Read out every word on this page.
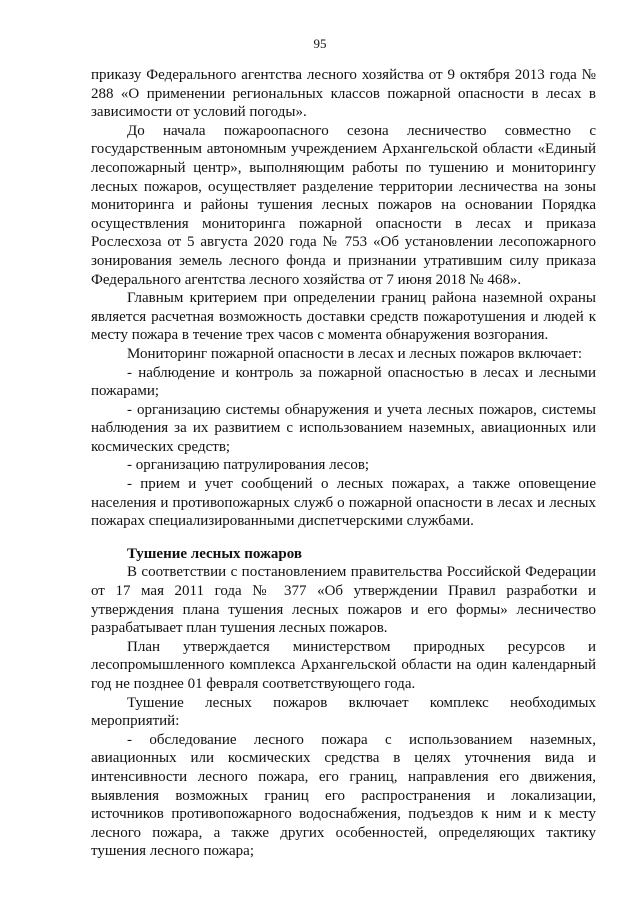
95

приказу Федерального агентства лесного хозяйства от 9 октября 2013 года № 288 «О применении региональных классов пожарной опасности в лесах в зависимости от условий погоды».

До начала пожароопасного сезона лесничество совместно с государственным автономным учреждением Архангельской области «Единый лесопожарный центр», выполняющим работы по тушению и мониторингу лесных пожаров, осуществляет разделение территории лесничества на зоны мониторинга и районы тушения лесных пожаров на основании Порядка осуществления мониторинга пожарной опасности в лесах и приказа Рослесхоза от 5 августа 2020 года № 753 «Об установлении лесопожарного зонирования земель лесного фонда и признании утратившим силу приказа Федерального агентства лесного хозяйства от 7 июня 2018 № 468».

Главным критерием при определении границ района наземной охраны является расчетная возможность доставки средств пожаротушения и людей к месту пожара в течение трех часов с момента обнаружения возгорания.

Мониторинг пожарной опасности в лесах и лесных пожаров включает:

- наблюдение и контроль за пожарной опасностью в лесах и лесными пожарами;

- организацию системы обнаружения и учета лесных пожаров, системы наблюдения за их развитием с использованием наземных, авиационных или космических средств;

- организацию патрулирования лесов;

- прием и учет сообщений о лесных пожарах, а также оповещение населения и противопожарных служб о пожарной опасности в лесах и лесных пожарах специализированными диспетчерскими службами.

Тушение лесных пожаров

В соответствии с постановлением правительства Российской Федерации от 17 мая 2011 года № 377 «Об утверждении Правил разработки и утверждения плана тушения лесных пожаров и его формы» лесничество разрабатывает план тушения лесных пожаров.

План утверждается министерством природных ресурсов и лесопромышленного комплекса Архангельской области на один календарный год не позднее 01 февраля соответствующего года.

Тушение лесных пожаров включает комплекс необходимых мероприятий:

- обследование лесного пожара с использованием наземных, авиационных или космических средства в целях уточнения вида и интенсивности лесного пожара, его границ, направления его движения, выявления возможных границ его распространения и локализации, источников противопожарного водоснабжения, подъездов к ним и к месту лесного пожара, а также других особенностей, определяющих тактику тушения лесного пожара;
